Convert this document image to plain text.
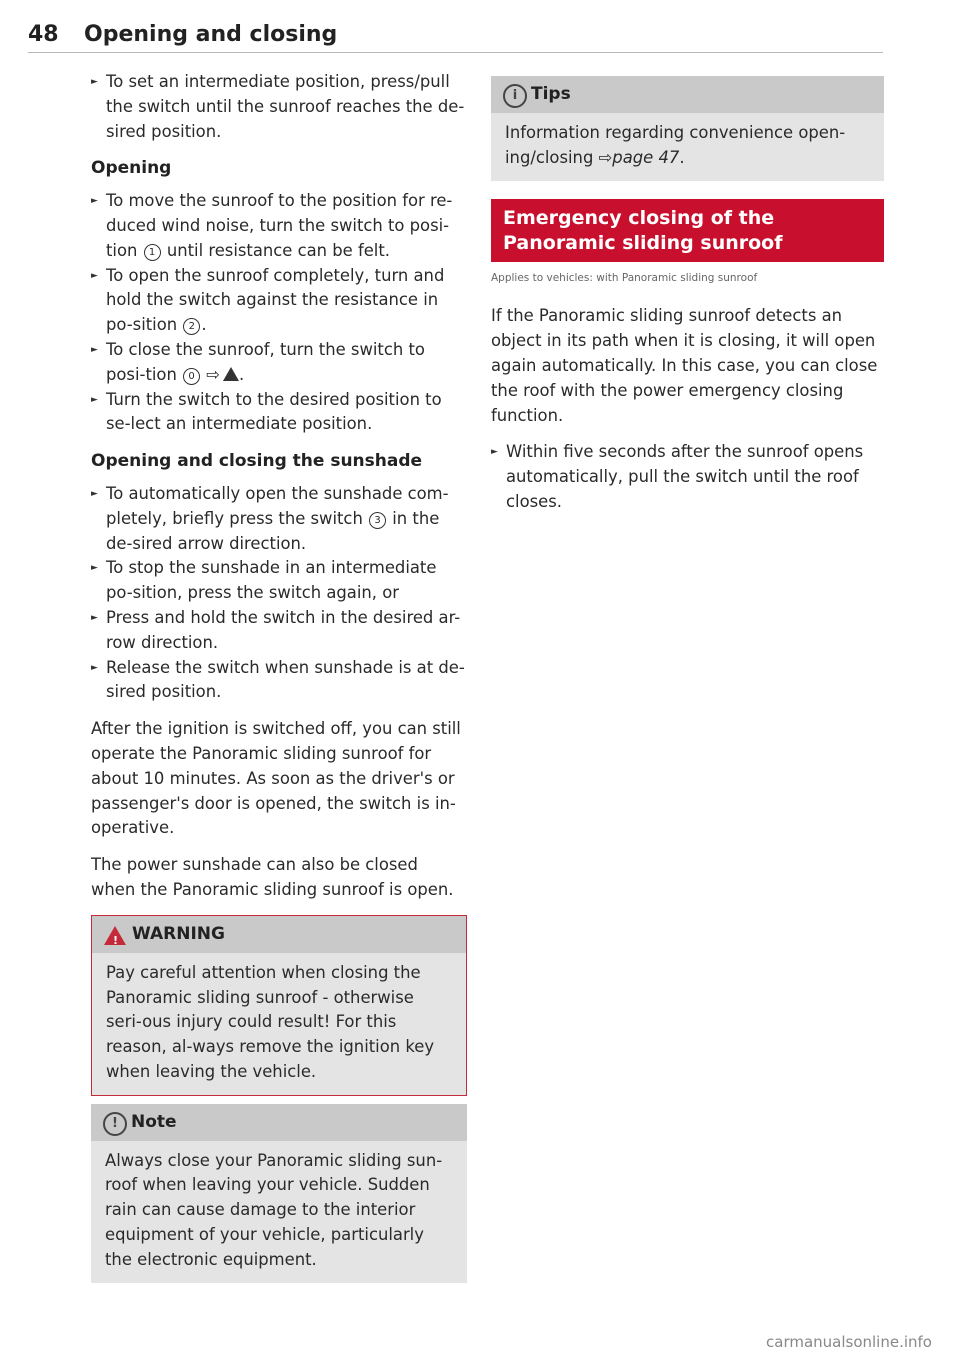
48 Opening and closing

► To set an intermediate position, press/pull the switch until the sunroof reaches the de-sired position.

Opening

► To move the sunroof to the position for re-duced wind noise, turn the switch to posi-tion 1 until resistance can be felt.

► To open the sunroof completely, turn and hold the switch against the resistance in po-sition 2 .

► To close the sunroof, turn the switch to posi-tion 0 ⇨ .

► Turn the switch to the desired position to se-lect an intermediate position.

Opening and closing the sunshade

► To automatically open the sunshade com-pletely, briefly press the switch 3 in the de-sired arrow direction.

► To stop the sunshade in an intermediate po-sition, press the switch again, or

► Press and hold the switch in the desired ar-row direction.

► Release the switch when sunshade is at de-sired position.

After the ignition is switched off, you can still operate the Panoramic sliding sunroof for about 10 minutes. As soon as the driver's or passenger's door is opened, the switch is in-operative.

The power sunshade can also be closed when the Panoramic sliding sunroof is open.

!
WARNING
Pay careful attention when closing the Panoramic sliding sunroof - otherwise seri-ous injury could result! For this reason, al-ways remove the ignition key when leaving the vehicle.
! Note
Always close your Panoramic sliding sun-roof when leaving your vehicle. Sudden rain can cause damage to the interior equipment of your vehicle, particularly the electronic equipment.
i Tips
Information regarding convenience open-ing/closing ⇨page 47.
Emergency closing of the Panoramic sliding sunroof
Applies to vehicles: with Panoramic sliding sunroof

If the Panoramic sliding sunroof detects an object in its path when it is closing, it will open again automatically. In this case, you can close the roof with the power emergency closing function.

► Within five seconds after the sunroof opens automatically, pull the switch until the roof closes.

carmanualsonline.info
